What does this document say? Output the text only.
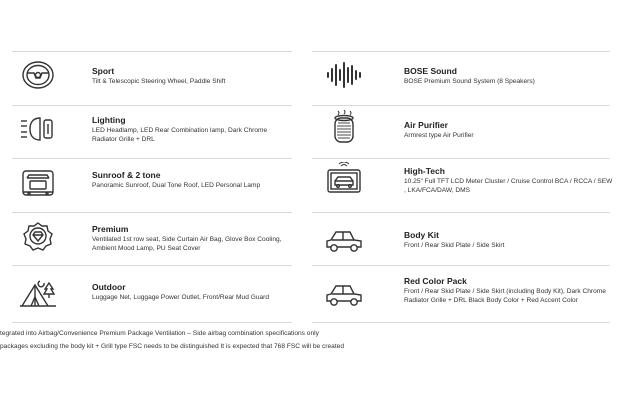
Sport
Tilt & Telescopic Steering Wheel, Paddle Shift
Lighting
LED Headlamp, LED Rear Combination lamp, Dark Chrome Radiator Grille + DRL
Sunroof & 2 tone
Panoramic Sunroof, Dual Tone Roof, LED Personal Lamp
Premium
Ventilated 1st row seat, Side Curtain Air Bag, Glove Box Cooling, Ambient Mood Lamp, PU Seat Cover
Outdoor
Luggage Net, Luggage Power Outlet, Front/Rear Mud Guard
BOSE Sound
BOSE Premium Sound System (8 Speakers)
Air Purifier
Armrest type Air Purifier
High-Tech
10.25" Full TFT LCD Meter Cluster / Cruise Control BCA / RCCA / SEW , LKA/FCA/DAW, DMS
Body Kit
Front / Rear Skid Plate / Side Skirt
Red Color Pack
Front / Rear Skid Plate / Side Skirt (including Body Kit), Dark Chrome Radiator Grille + DRL Black Body Color + Red Accent Color
tegrated into Airbag/Convenience Premium Package Ventilation – Side airbag combination specifications only
packages excluding the body kit + Grill type FSC needs to be distinguished It is expected that 768 FSC will be created
